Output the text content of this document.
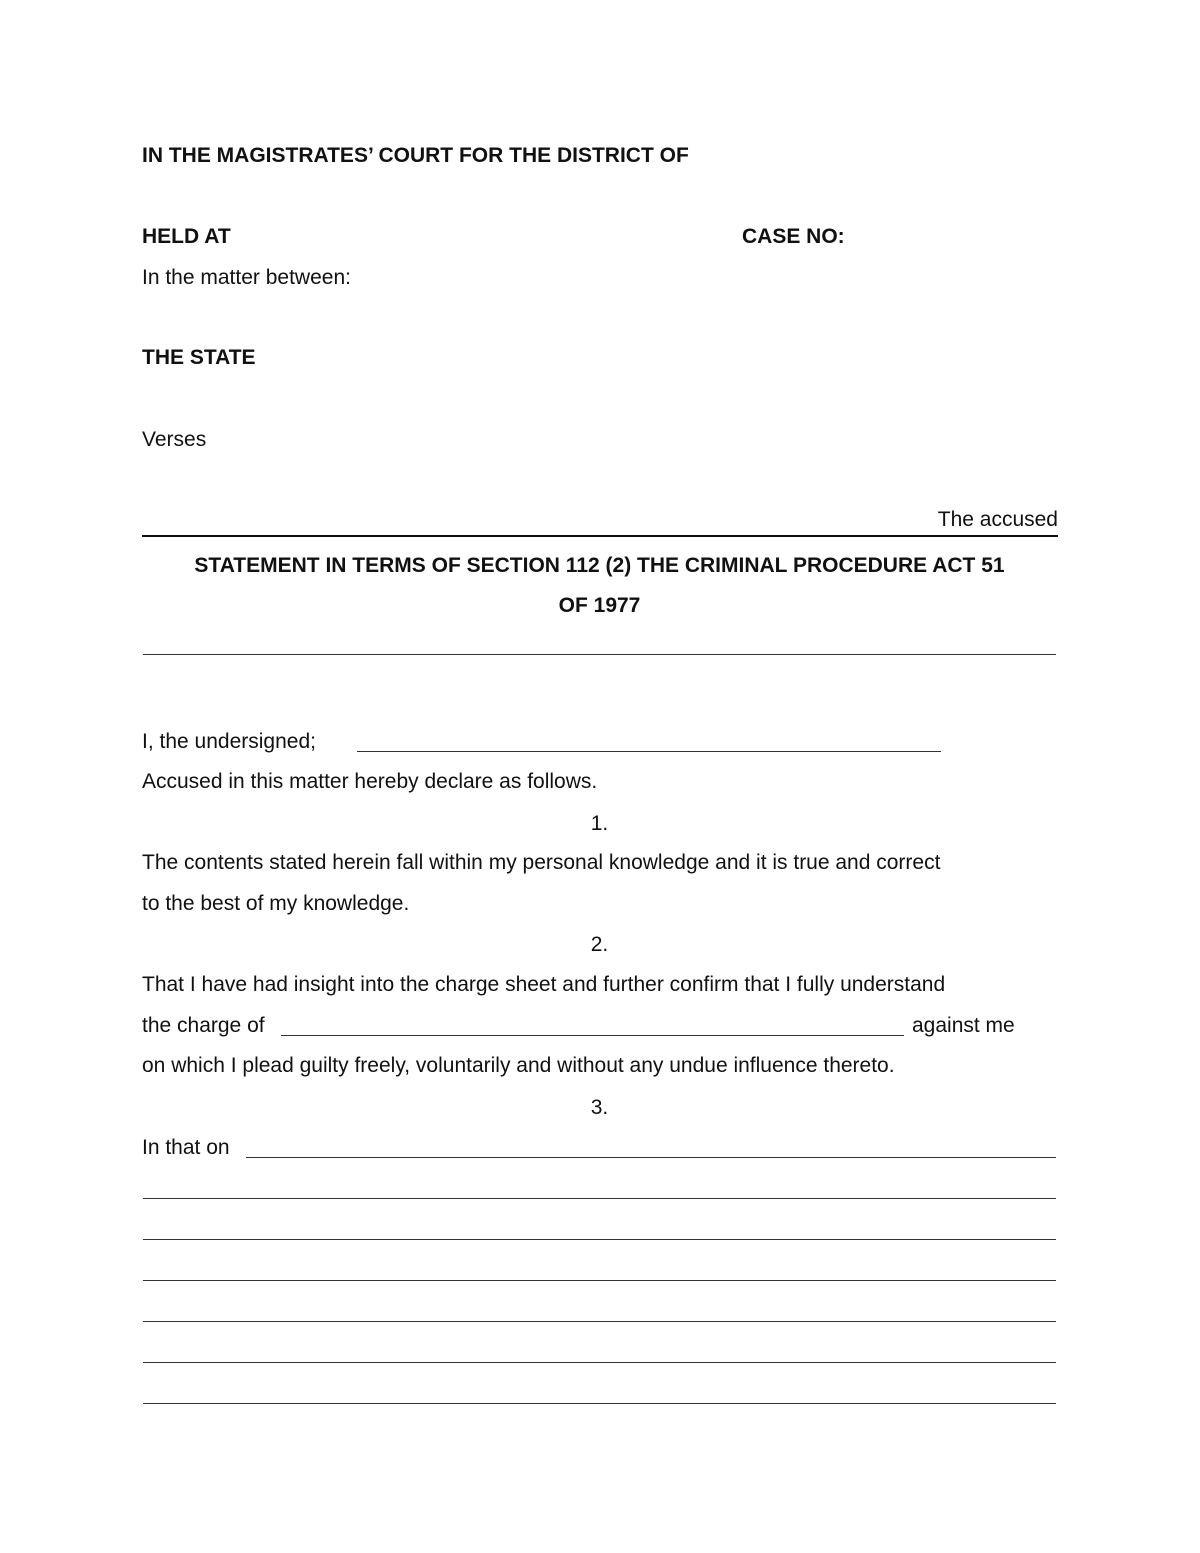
IN THE MAGISTRATES’ COURT FOR THE DISTRICT OF
HELD AT	CASE NO:
In the matter between:
THE STATE
Verses
The accused
STATEMENT IN TERMS OF SECTION 112 (2) THE CRIMINAL PROCEDURE ACT 51
OF 1977
I, the undersigned;
Accused in this matter hereby declare as follows.
1.
The contents stated herein fall within my personal knowledge and it is true and correct
to the best of my knowledge.
2.
That I have had insight into the charge sheet and further confirm that I fully understand
the charge of	against me
on which I plead guilty freely, voluntarily and without any undue influence thereto.
3.
In that on
